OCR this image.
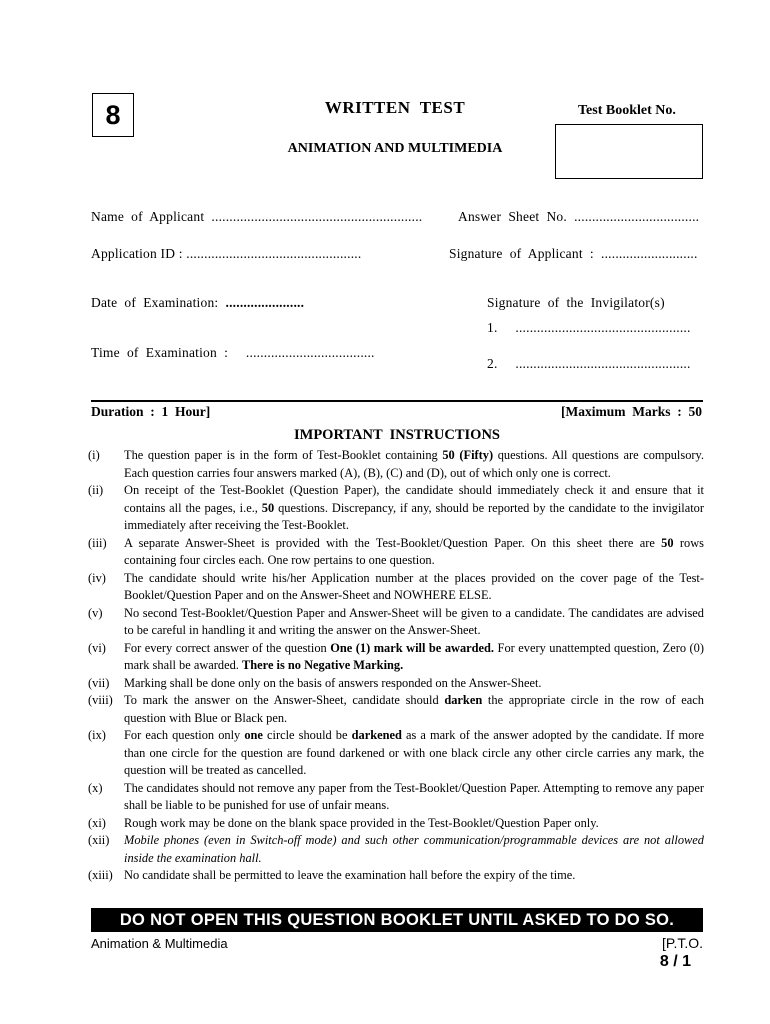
8	WRITTEN  TEST	Test Booklet No.
ANIMATION AND MULTIMEDIA
Name  of  Applicant  ...........................................................	Answer  Sheet  No.  ...................................
Application ID : .................................................	Signature  of  Applicant  :  ...........................
Date  of  Examination:  ......................	Signature  of  the  Invigilator(s)
1.     .................................................
Time  of  Examination  :     ....................................
2.     .................................................
Duration  :  1  Hour]	[Maximum  Marks  :  50
IMPORTANT  INSTRUCTIONS
(i)	The question paper is in the form of Test-Booklet containing 50 (Fifty) questions. All questions are compulsory. Each question carries four answers marked (A), (B), (C) and (D), out of which only one is correct.
(ii)	On receipt of the Test-Booklet (Question Paper), the candidate should immediately check it and ensure that it contains all the pages, i.e., 50 questions. Discrepancy, if any, should be reported by the candidate to the invigilator immediately after receiving the Test-Booklet.
(iii)	A separate Answer-Sheet is provided with the Test-Booklet/Question Paper. On this sheet there are 50 rows containing four circles each. One row pertains to one question.
(iv)	The candidate should write his/her Application number at the places provided on the cover page of the Test-Booklet/Question Paper and on the Answer-Sheet and NOWHERE ELSE.
(v)	No second Test-Booklet/Question Paper and Answer-Sheet will be given to a candidate. The candidates are advised to be careful in handling it and writing the answer on the Answer-Sheet.
(vi)	For every correct answer of the question One (1) mark will be awarded. For every unattempted question, Zero (0) mark shall be awarded. There is no Negative Marking.
(vii)	Marking shall be done only on the basis of answers responded on the Answer-Sheet.
(viii) To mark the answer on the Answer-Sheet, candidate should darken the appropriate circle in the row of each question with Blue or Black pen.
(ix)	For each question only one circle should be darkened as a mark of the answer adopted by the candidate. If more than one circle for the question are found darkened or with one black circle any other circle carries any mark, the question will be treated as cancelled.
(x)	The candidates should not remove any paper from the Test-Booklet/Question Paper. Attempting to remove any paper shall be liable to be punished for use of unfair means.
(xi)	Rough work may be done on the blank space provided in the Test-Booklet/Question Paper only.
(xii)	Mobile phones (even in Switch-off mode) and such other communication/programmable devices are not allowed inside the examination hall.
(xiii) No candidate shall be permitted to leave the examination hall before the expiry of the time.
DO NOT OPEN THIS QUESTION BOOKLET UNTIL ASKED TO DO SO.
Animation & Multimedia	[P.T.O.
8 / 1
